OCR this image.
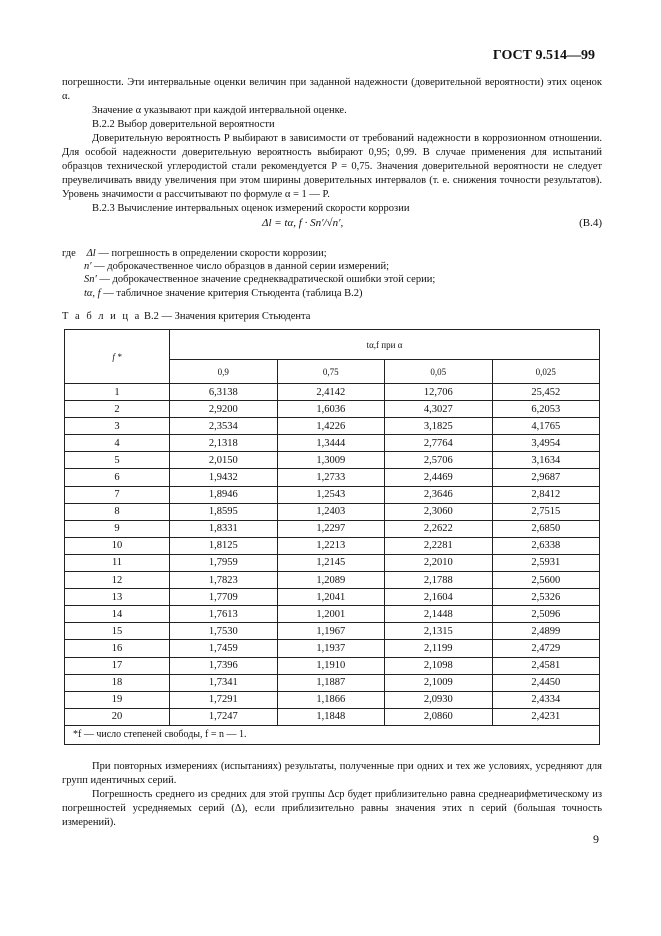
ГОСТ 9.514—99

погрешности. Эти интервальные оценки величин при заданной надежности (доверительной вероятности) этих оценок α.

Значение α указывают при каждой интервальной оценке.

В.2.2 Выбор доверительной вероятности

Доверительную вероятность P выбирают в зависимости от требований надежности в коррозионном отношении. Для особой надежности доверительную вероятность выбирают 0,95; 0,99. В случае применения для испытаний образцов технической углеродистой стали рекомендуется P = 0,75. Значения доверительной вероятности не следует преувеличивать ввиду увеличения при этом ширины доверительных интервалов (т. е. снижения точности результатов). Уровень значимости α рассчитывают по формуле α = 1 — P.

В.2.3 Вычисление интервальных оценок измерений скорости коррозии

Δl = tα, f · Sn′/√n′,	(В.4)
где Δl — погрешность в определении скорости коррозии;
n′ — доброкачественное число образцов в данной серии измерений;
Sn′ — доброкачественное значение среднеквадратической ошибки этой серии;
tα, f — табличное значение критерия Стьюдента (таблица В.2)
Т а б л и ц а В.2 — Значения критерия Стьюдента
f *	tα,f при α			
	0,9	0,75	0,05	0,025
1	6,3138	2,4142	12,706	25,452
2	2,9200	1,6036	4,3027	6,2053
3	2,3534	1,4226	3,1825	4,1765
4	2,1318	1,3444	2,7764	3,4954
5	2,0150	1,3009	2,5706	3,1634
6	1,9432	1,2733	2,4469	2,9687
7	1,8946	1,2543	2,3646	2,8412
8	1,8595	1,2403	2,3060	2,7515
9	1,8331	1,2297	2,2622	2,6850
10	1,8125	1,2213	2,2281	2,6338
11	1,7959	1,2145	2,2010	2,5931
12	1,7823	1,2089	2,1788	2,5600
13	1,7709	1,2041	2,1604	2,5326
14	1,7613	1,2001	2,1448	2,5096
15	1,7530	1,1967	2,1315	2,4899
16	1,7459	1,1937	2,1199	2,4729
17	1,7396	1,1910	2,1098	2,4581
18	1,7341	1,1887	2,1009	2,4450
19	1,7291	1,1866	2,0930	2,4334
20	1,7247	1,1848	2,0860	2,4231
*f — число степеней свободы, f = n — 1.				

При повторных измерениях (испытаниях) результаты, полученные при одних и тех же условиях, усредняют для групп идентичных серий.

Погрешность среднего из средних для этой группы Δср будет приблизительно равна среднеарифметическому из погрешностей усредняемых серий (Δ), если приблизительно равны значения этих n серий (большая точность измерений).

9
